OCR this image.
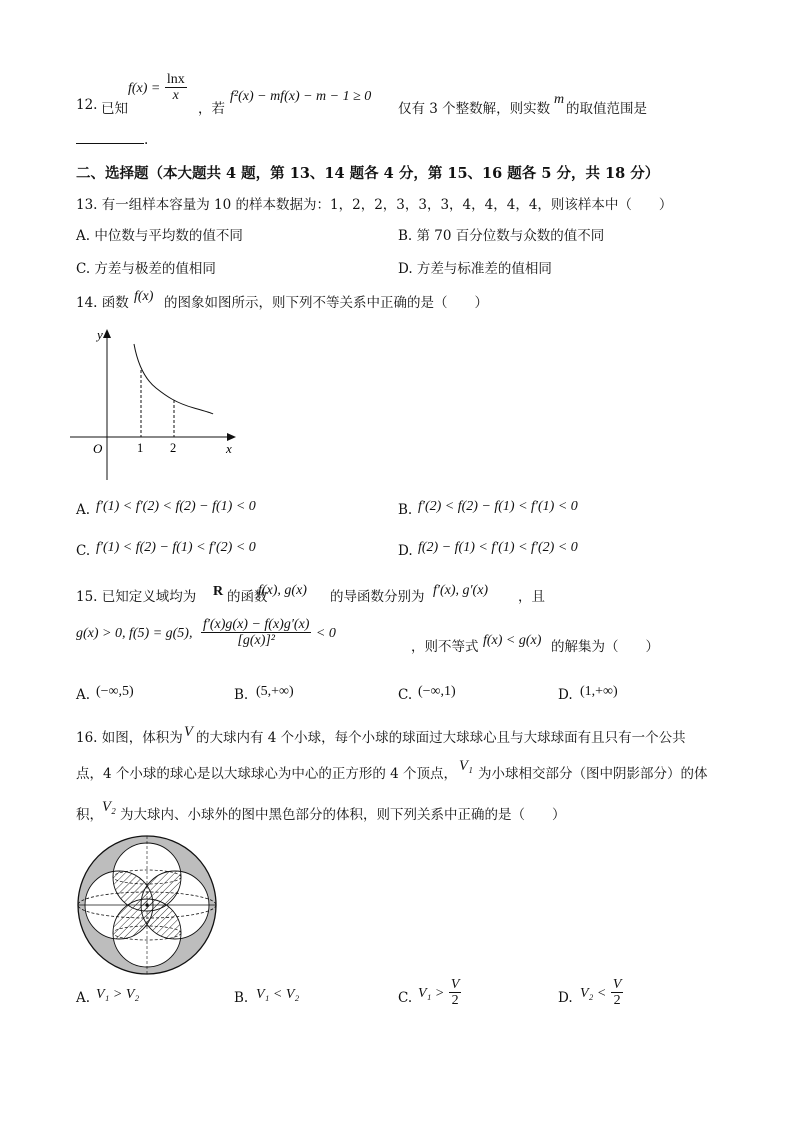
12. 已知
$f(x) = \frac{\ln x}{x}$
，若
f²(x) − mf(x) − m − 1 ≥ 0
仅有 3 个整数解，则实数
m
的取值范围是
.
二、选择题（本大题共 4 题，第 13、14 题各 4 分，第 15、16 题各 5 分，共 18 分）
13. 有一组样本容量为 10 的样本数据为：1，2，2，3，3，3，4，4，4，4，则该样本中（　　）
A. 中位数与平均数的值不同	B. 第 70 百分位数与众数的值不同
C. 方差与极差的值相同	D. 方差与标准差的值相同
14. 函数 f(x) 的图象如图所示，则下列不等关系中正确的是（　　）
y
x
O	1 2
A. f′(1) < f′(2) < f(2) − f(1) < 0	B. f′(2) < f(2) − f(1) < f′(1) < 0
C. f′(1) < f(2) − f(1) < f′(2) < 0	D. f(2) − f(1) < f′(1) < f′(2) < 0
15. 已知定义域均为 R 的函数
f(x), g(x) 的导函数分别为 f′(x), g′(x) ，且
g(x) > 0, f(5) = g(5), $\frac{f'(x)g(x) - f(x)g'(x)}{\text{[g(x)]²}} < 0$
，则不等式 f(x) < g(x) 的解集为（　　）
A. (−∞,5)	B. (5,+∞)	C. (−∞,1)	D. (1,+∞)
16. 如图，体积为 V 的大球内有 4 个小球，每个小球的球面过大球球心且与大球球面有且只有一个公共
点，4 个小球的球心是以大球球心为中心的正方形的 4 个顶点， V₁ 为小球相交部分（图中阴影部分）的体
积， V₂ 为大球内、小球外的图中黑色部分的体积，则下列关系中正确的是（　　）
A. V₁ > V₂	B. V₁ < V₂	C. $V_1 > \frac{V}{2}$	D. $V_2 < \frac{V}{2}$
